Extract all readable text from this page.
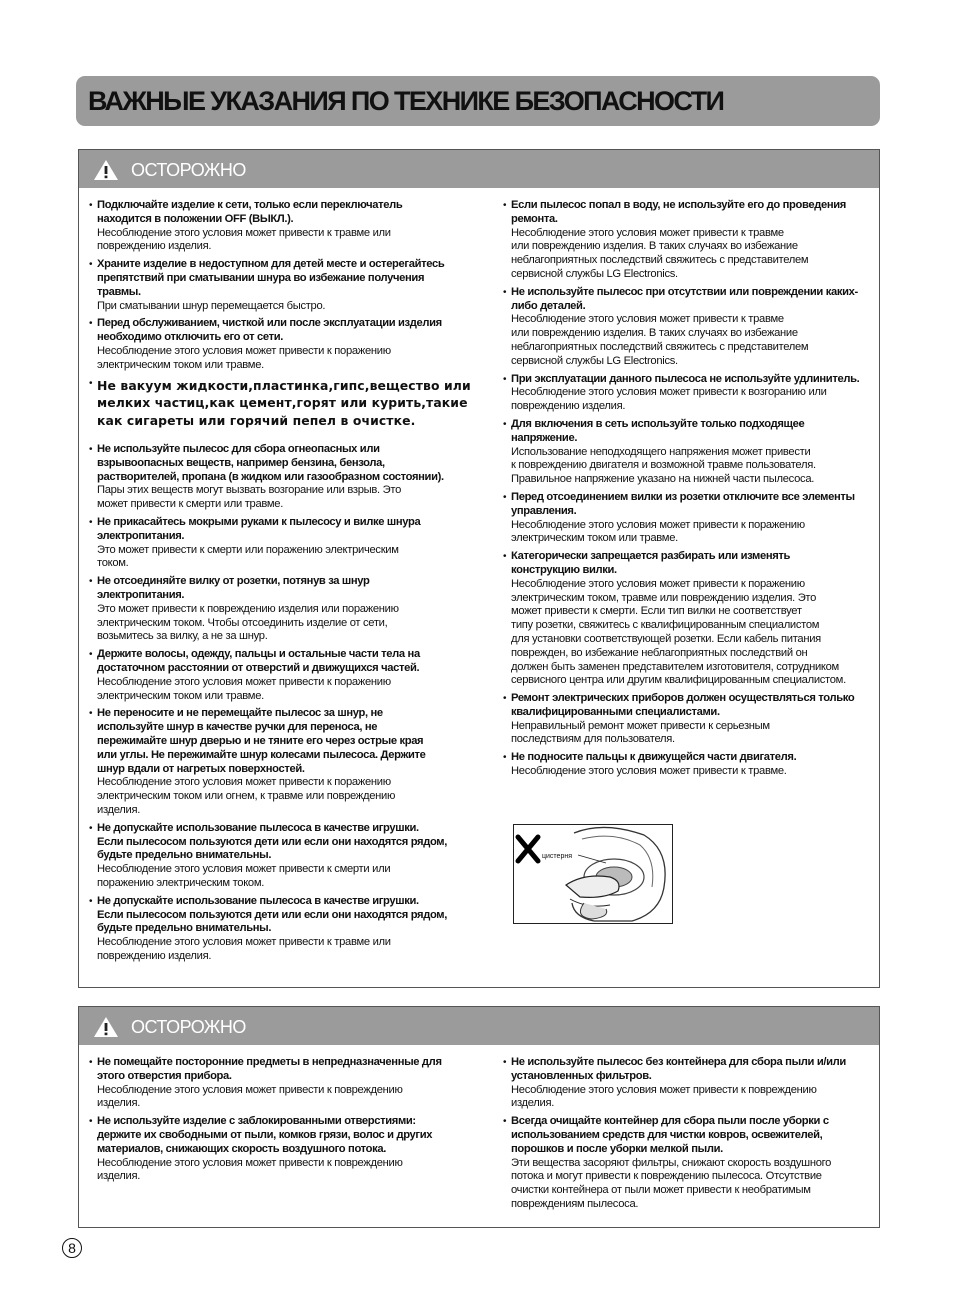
ВАЖНЫЕ УКАЗАНИЯ ПО ТЕХНИКЕ БЕЗОПАСНОСТИ
ОСТОРОЖНО
• Подключайте изделие к сети, только если переключатель
находится в положении OFF (ВЫКЛ.).
Несоблюдение этого условия может привести к травме или
повреждению изделия.
• Храните изделие в недоступном для детей месте и остерегайтесь
препятствий при сматывании шнура во избежание получения
травмы.
При сматывании шнур перемещается быстро.
• Перед обслуживанием, чисткой или после эксплуатации изделия
необходимо отключить его от сети.
Несоблюдение этого условия может привести к поражению
электрическим током или травме.
• Не вакуум жидкости,пластинка,гипс,вещество или
мелких частиц,как цемент,горят или курить,такие
как сигареты или горячий пепел в очистке.
• Не используйте пылесос для сбора огнеопасных или
взрывоопасных веществ, например бензина, бензола,
растворителей, пропана (в жидком или газообразном состоянии).
Пары этих веществ могут вызвать возгорание или взрыв. Это
может привести к смерти или травме.
• Не прикасайтесь мокрыми руками к пылесосу и вилке шнура
электропитания.
Это может привести к смерти или поражению электрическим
током.
• Не отсоединяйте вилку от розетки, потянув за шнур
электропитания.
Это может привести к повреждению изделия или поражению
электрическим током. Чтобы отсоединить изделие от сети,
возьмитесь за вилку, а не за шнур.
• Держите волосы, одежду, пальцы и остальные части тела на
достаточном расстоянии от отверстий и движущихся частей.
Несоблюдение этого условия может привести к поражению
электрическим током или травме.
• Не переносите и не перемещайте пылесос за шнур, не
используйте шнур в качестве ручки для переноса, не
пережимайте шнур дверью и не тяните его через острые края
или углы. Не пережимайте шнур колесами пылесоса. Держите
шнур вдали от нагретых поверхностей.
Несоблюдение этого условия может привести к поражению
электрическим током или огнем, к травме или повреждению
изделия.
• Не допускайте использование пылесоса в качестве игрушки.
Если пылесосом пользуются дети или если они находятся рядом,
будьте предельно внимательны.
Несоблюдение этого условия может привести к смерти или
поражению электрическим током.
• Не допускайте использование пылесоса в качестве игрушки.
Если пылесосом пользуются дети или если они находятся рядом,
будьте предельно внимательны.
Несоблюдение этого условия может привести к травме или
повреждению изделия.
• Если пылесос попал в воду, не используйте его до проведения
ремонта.
Несоблюдение этого условия может привести к травме
или повреждению изделия. В таких случаях во избежание
неблагоприятных последствий свяжитесь с представителем
сервисной службы LG Electronics.
• Не используйте пылесос при отсутствии или повреждении каких-
либо деталей.
Несоблюдение этого условия может привести к травме
или повреждению изделия. В таких случаях во избежание
неблагоприятных последствий свяжитесь с представителем
сервисной службы LG Electronics.
• При эксплуатации данного пылесоса не используйте удлинитель.
Несоблюдение этого условия может привести к возгоранию или
повреждению изделия.
• Для включения в сеть используйте только подходящее
напряжение.
Использование неподходящего напряжения может привести
к повреждению двигателя и возможной травме пользователя.
Правильное напряжение указано на нижней части пылесоса.
• Перед отсоединением вилки из розетки отключите все элементы
управления.
Несоблюдение этого условия может привести к поражению
электрическим током или травме.
• Категорически запрещается разбирать или изменять
конструкцию вилки.
Несоблюдение этого условия может привести к поражению
электрическим током, травме или повреждению изделия. Это
может привести к смерти. Если тип вилки не соответствует
типу розетки, свяжитесь с квалифицированным специалистом
для установки соответствующей розетки. Если кабель питания
поврежден, во избежание неблагоприятных последствий он
должен быть заменен представителем изготовителя, сотрудником
сервисного центра или другим квалифицированным специалистом.
• Ремонт электрических приборов должен осуществляться только
квалифицированными специалистами.
Неправильный ремонт может привести к серьезным
последствиям для пользователя.
• Не подносите пальцы к движущейся части двигателя.
Несоблюдение этого условия может привести к травме.
цистерня
ОСТОРОЖНО
• Не помещайте посторонние предметы в непредназначенные для
этого отверстия прибора.
Несоблюдение этого условия может привести к повреждению
изделия.
• Не используйте изделие с заблокированными отверстиями:
держите их свободными от пыли, комков грязи, волос и других
материалов, снижающих скорость воздушного потока.
Несоблюдение этого условия может привести к повреждению
изделия.
• Не используйте пылесос без контейнера для сбора пыли и/или
установленных фильтров.
Несоблюдение этого условия может привести к повреждению
изделия.
• Всегда очищайте контейнер для сбора пыли после уборки с
использованием средств для чистки ковров, освежителей,
порошков и после уборки мелкой пыли.
Эти вещества засоряют фильтры, снижают скорость воздушного
потока и могут привести к повреждению пылесоса. Отсутствие
очистки контейнера от пыли может привести к необратимым
повреждениям пылесоса.
8
